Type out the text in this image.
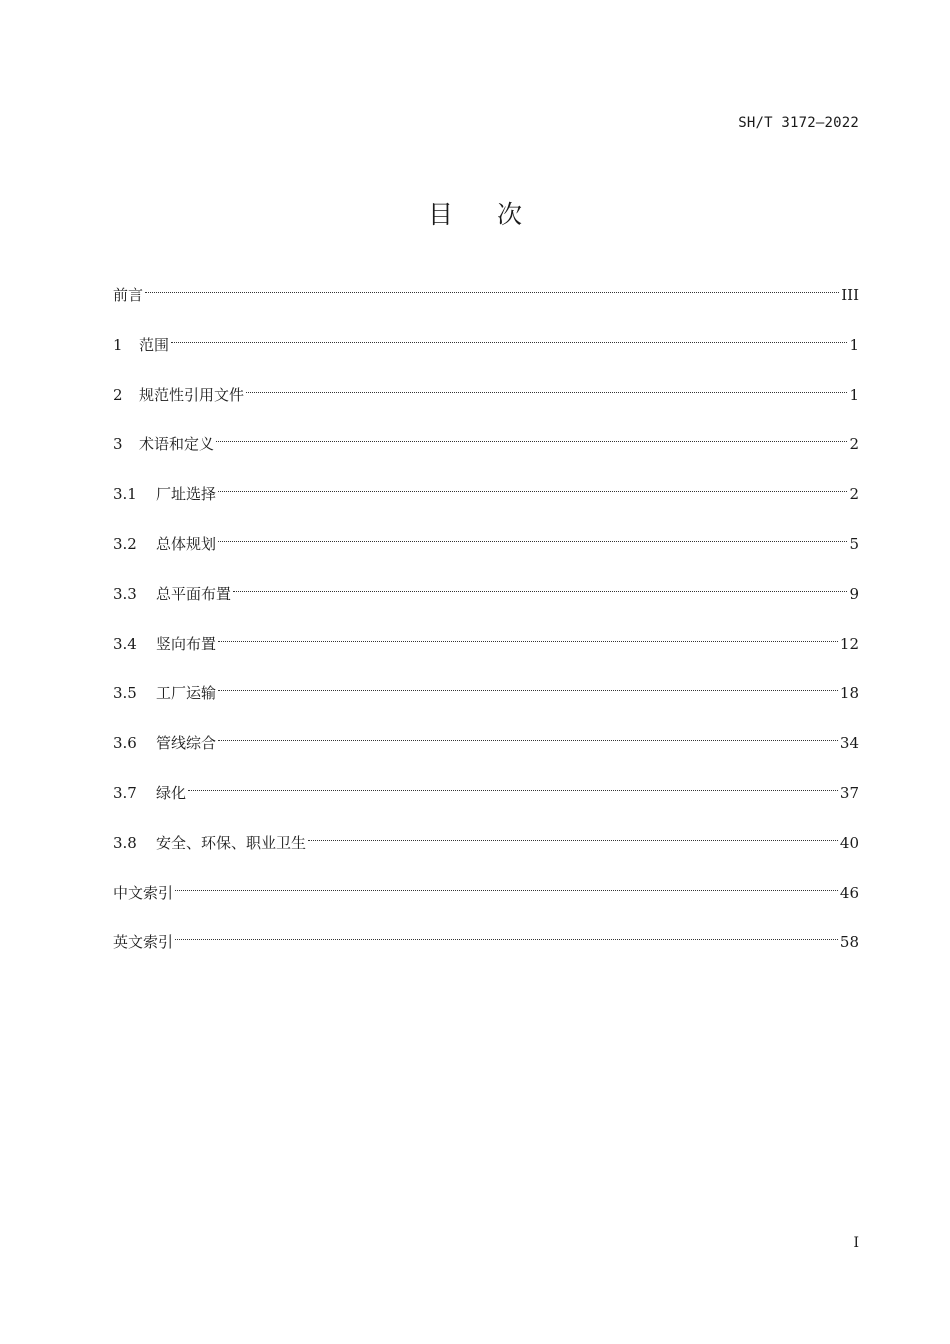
SH/T 3172—2022
目 次
前言	III
1	范围	1
2	规范性引用文件	1
3	术语和定义	2
3.1	厂址选择	2
3.2	总体规划	5
3.3	总平面布置	9
3.4	竖向布置	12
3.5	工厂运输	18
3.6	管线综合	34
3.7	绿化	37
3.8	安全、环保、职业卫生	40
中文索引	46
英文索引	58
I
